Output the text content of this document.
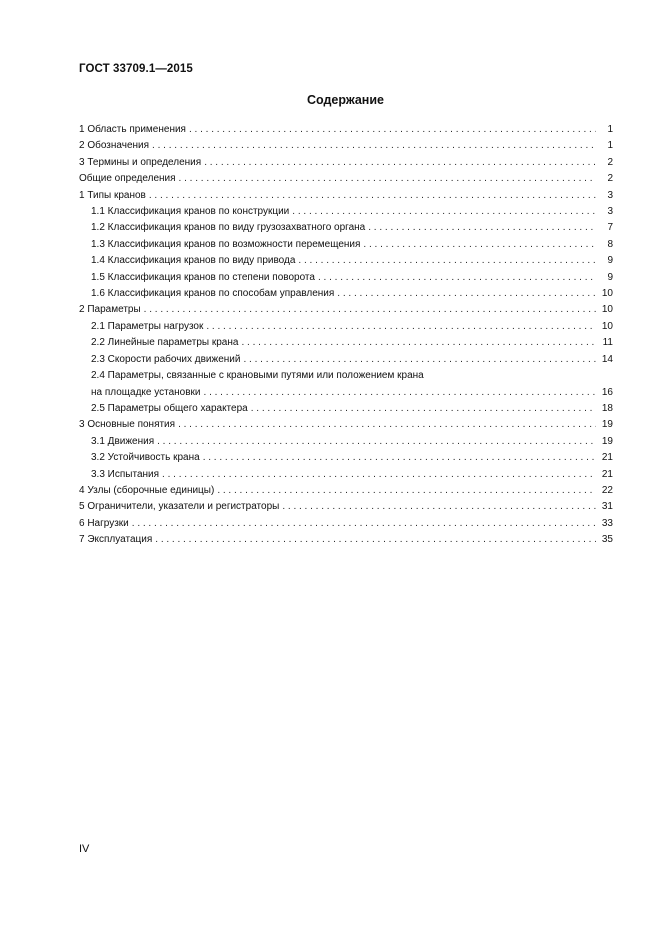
ГОСТ 33709.1—2015
Содержание
1 Область применения . . .	1
2 Обозначения . . .	1
3 Термины и определения . . .	2
Общие определения . . .	2
1 Типы кранов . . .	3
1.1 Классификация кранов по конструкции . . .	3
1.2 Классификация кранов по виду грузозахватного органа . . .	7
1.3 Классификация кранов по возможности перемещения . . .	8
1.4 Классификация кранов по виду привода . . .	9
1.5 Классификация кранов по степени поворота . . .	9
1.6 Классификация кранов по способам управления . . .	10
2 Параметры . . .	10
2.1 Параметры нагрузок . . .	10
2.2 Линейные параметры крана . . .	11
2.3 Скорости рабочих движений . . .	14
2.4 Параметры, связанные с крановыми путями или положением крана
на площадке установки . . .	16
2.5 Параметры общего характера . . .	18
3 Основные понятия . . .	19
3.1 Движения . . .	19
3.2 Устойчивость крана . . .	21
3.3 Испытания . . .	21
4 Узлы (сборочные единицы) . . .	22
5 Ограничители, указатели и регистраторы . . .	31
6 Нагрузки . . .	33
7 Эксплуатация . . .	35
IV
